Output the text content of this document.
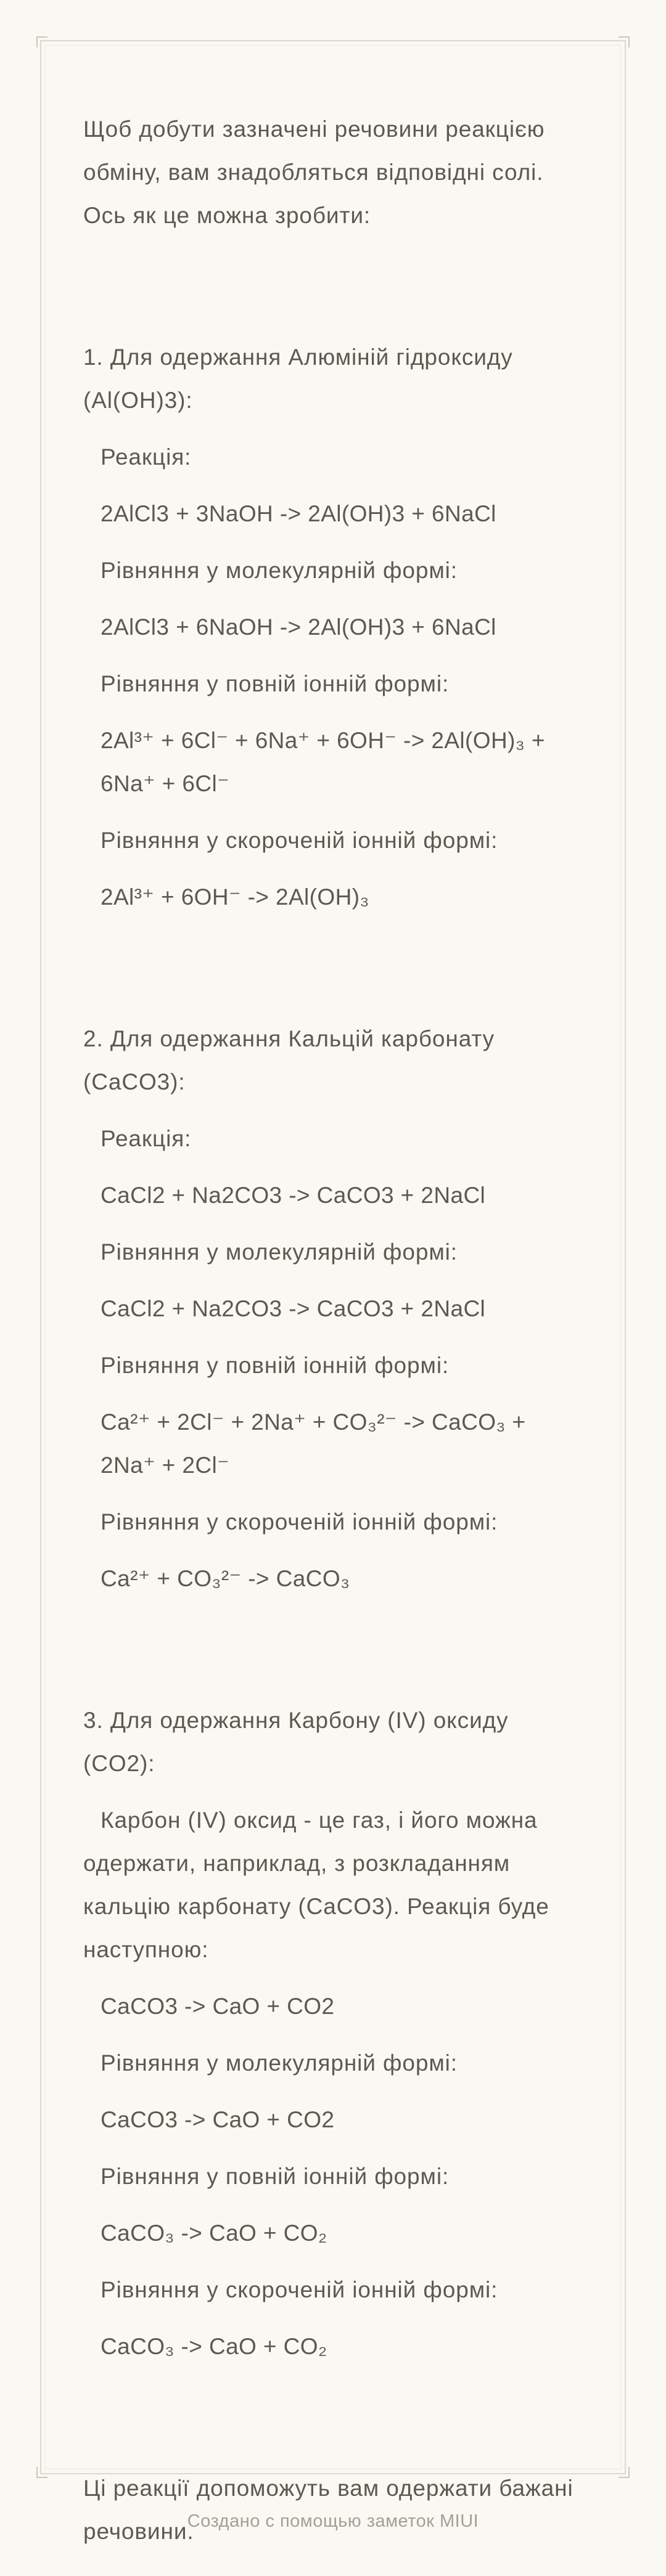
Щоб добути зазначені речовини реакцією обміну, вам знадобляться відповідні солі. Ось як це можна зробити:

1. Для одержання Алюміній гідроксиду (Al(OH)3):

Реакція:

2AlCl3 + 3NaOH -> 2Al(OH)3 + 6NaCl

Рівняння у молекулярній формі:

2AlCl3 + 6NaOH -> 2Al(OH)3 + 6NaCl

Рівняння у повній іонній формі:

2Al³⁺ + 6Cl⁻ + 6Na⁺ + 6OH⁻ -> 2Al(OH)₃ + 6Na⁺ + 6Cl⁻

Рівняння у скороченій іонній формі:

2Al³⁺ + 6OH⁻ -> 2Al(OH)₃

2. Для одержання Кальцій карбонату (CaCO3):

Реакція:

CaCl2 + Na2CO3 -> CaCO3 + 2NaCl

Рівняння у молекулярній формі:

CaCl2 + Na2CO3 -> CaCO3 + 2NaCl

Рівняння у повній іонній формі:

Ca²⁺ + 2Cl⁻ + 2Na⁺ + CO₃²⁻ -> CaCO₃ + 2Na⁺ + 2Cl⁻

Рівняння у скороченій іонній формі:

Ca²⁺ + CO₃²⁻ -> CaCO₃

3. Для одержання Карбону (IV) оксиду (CO2):

Карбон (IV) оксид - це газ, і його можна одержати, наприклад, з розкладанням кальцію карбонату (CaCO3). Реакція буде наступною:

CaCO3 -> CaO + CO2

Рівняння у молекулярній формі:

CaCO3 -> CaO + CO2

Рівняння у повній іонній формі:

CaCO₃ -> CaO + CO₂

Рівняння у скороченій іонній формі:

CaCO₃ -> CaO + CO₂

Ці реакції допоможуть вам одержати бажані речовини.

Создано с помощью заметок MIUI
